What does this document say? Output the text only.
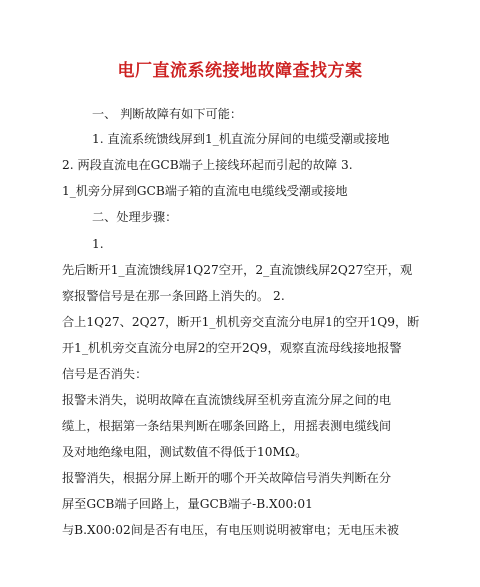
电厂直流系统接地故障查找方案
一、 判断故障有如下可能：
1. 直流系统馈线屏到1_机直流分屏间的电缆受潮或接地
2. 两段直流电在GCB端子上接线环起而引起的故障 3.
1_机旁分屏到GCB端子箱的直流电电缆线受潮或接地
二、处理步骤：
1.
先后断开1_直流馈线屏1Q27空开，2_直流馈线屏2Q27空开，观
察报警信号是在那一条回路上消失的。 2.
合上1Q27、2Q27，断开1_机机旁交直流分电屏1的空开1Q9，断
开1_机机旁交直流分电屏2的空开2Q9，观察直流母线接地报警
信号是否消失：
报警未消失，说明故障在直流馈线屏至机旁直流分屏之间的电
缆上，根据第一条结果判断在哪条回路上，用摇表测电缆线间
及对地绝缘电阻，测试数值不得低于10MΩ。
报警消失，根据分屏上断开的哪个开关故障信号消失判断在分
屏至GCB端子回路上，量GCB端子-B.X00:01
与B.X00:02间是否有电压，有电压则说明被窜电；无电压未被
